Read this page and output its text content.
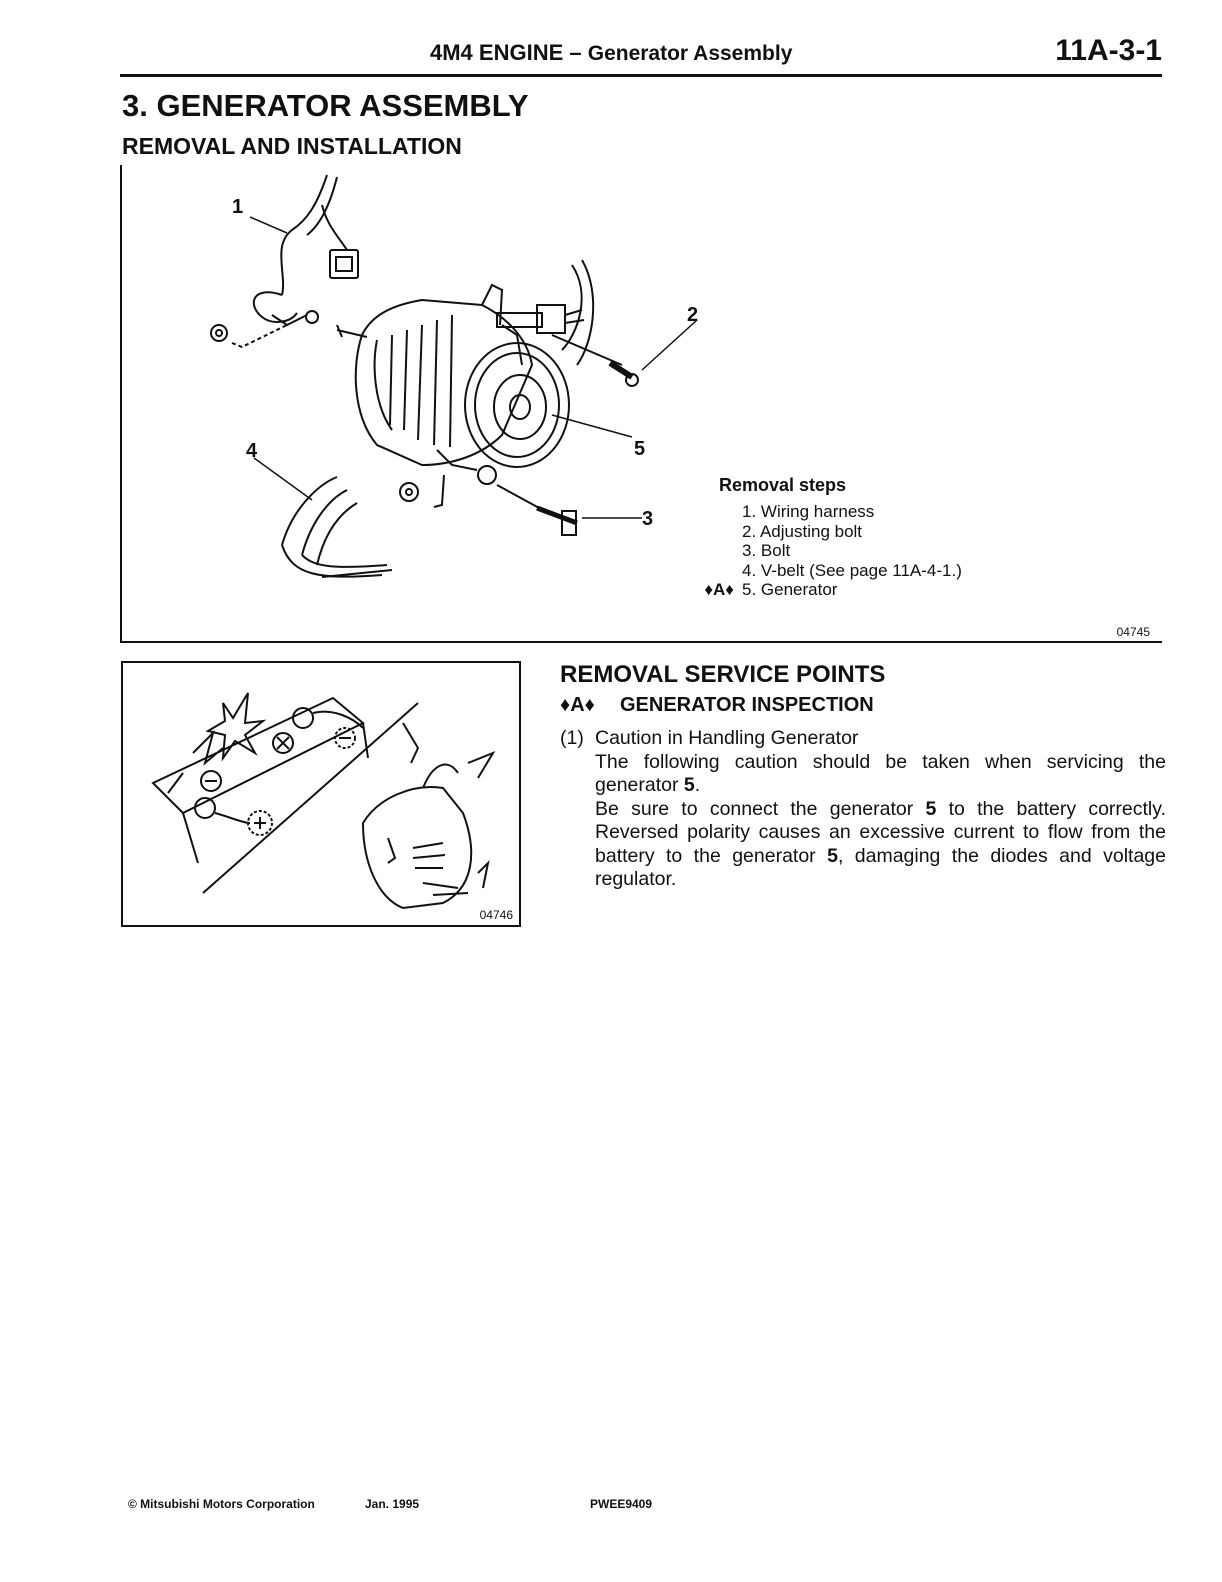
4M4 ENGINE – Generator Assembly	11A-3-1
3. GENERATOR ASSEMBLY
REMOVAL AND INSTALLATION
1
2
3
4	5
Removal steps
1. Wiring harness
2. Adjusting bolt
3. Bolt
4. V-belt (See page 11A-4-1.)
♦A♦ 5. Generator
04745
04746
REMOVAL SERVICE POINTS
♦A♦ GENERATOR INSPECTION
(1) Caution in Handling Generator

The following caution should be taken when servicing the generator 5.

Be sure to connect the generator 5 to the battery correctly. Reversed polarity causes an excessive current to flow from the battery to the generator 5, damaging the diodes and voltage regulator.

© Mitsubishi Motors Corporation	Jan. 1995	PWEE9409
